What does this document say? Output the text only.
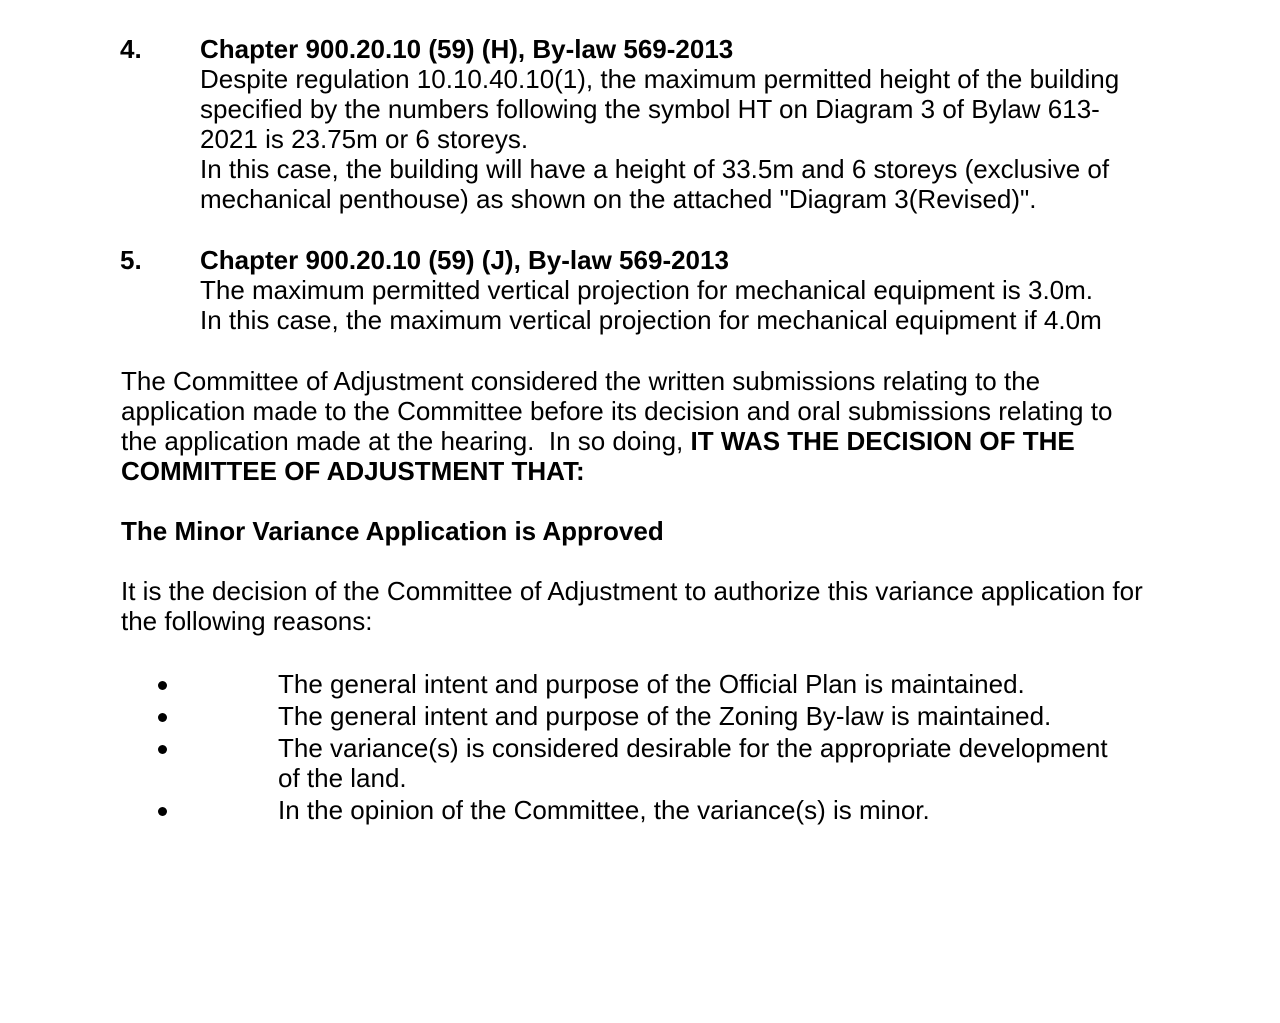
4. Chapter 900.20.10 (59) (H), By-law 569-2013
Despite regulation 10.10.40.10(1), the maximum permitted height of the building
specified by the numbers following the symbol HT on Diagram 3 of Bylaw 613-
2021 is 23.75m or 6 storeys.
In this case, the building will have a height of 33.5m and 6 storeys (exclusive of
mechanical penthouse) as shown on the attached "Diagram 3(Revised)".
5. Chapter 900.20.10 (59) (J), By-law 569-2013
The maximum permitted vertical projection for mechanical equipment is 3.0m.
In this case, the maximum vertical projection for mechanical equipment if 4.0m
The Committee of Adjustment considered the written submissions relating to the
application made to the Committee before its decision and oral submissions relating to
the application made at the hearing.  In so doing, IT WAS THE DECISION OF THE
COMMITTEE OF ADJUSTMENT THAT:
The Minor Variance Application is Approved
It is the decision of the Committee of Adjustment to authorize this variance application for
the following reasons:
The general intent and purpose of the Official Plan is maintained.
The general intent and purpose of the Zoning By-law is maintained.
The variance(s) is considered desirable for the appropriate development
of the land.
In the opinion of the Committee, the variance(s) is minor.
